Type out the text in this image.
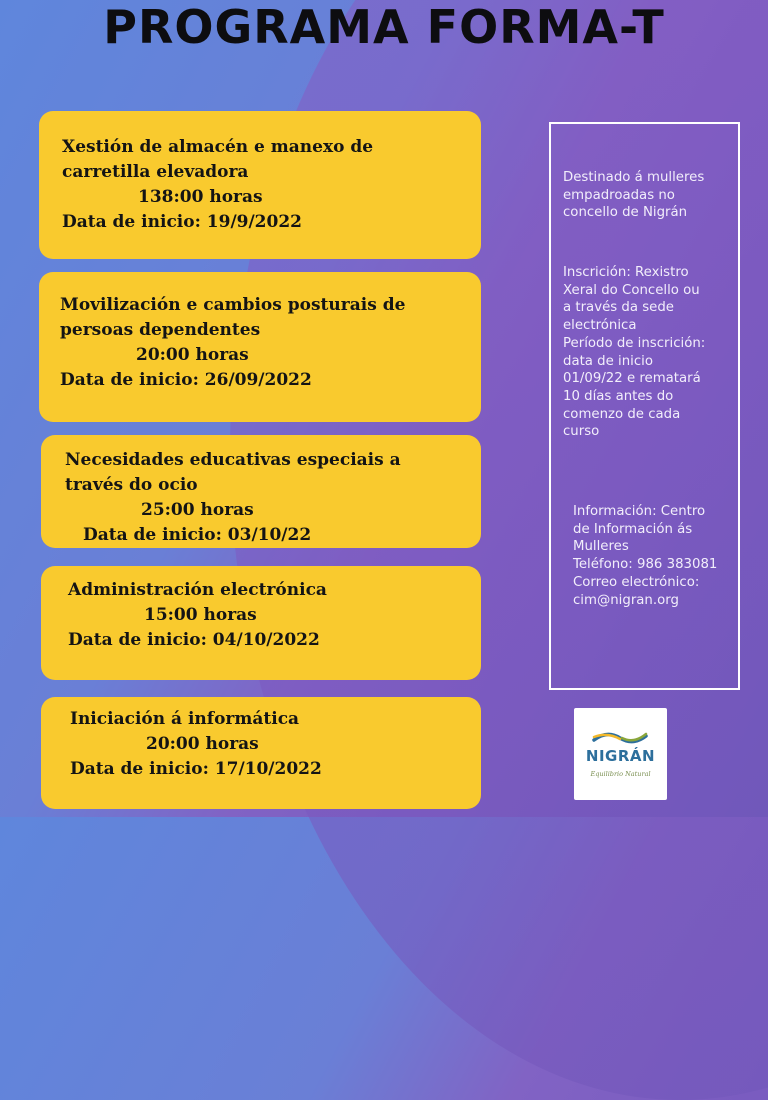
PROGRAMA FORMA-T
Xestión de almacén e manexo de
carretilla elevadora
138:00 horas
Data de inicio: 19/9/2022
Movilización e cambios posturais de
persoas dependentes
20:00 horas
Data de inicio: 26/09/2022
Necesidades educativas especiais a
través do ocio
25:00 horas
Data de inicio: 03/10/22
Administración electrónica
15:00 horas
Data de inicio: 04/10/2022
Iniciación á informática
20:00 horas
Data de inicio: 17/10/2022
Destinado á mulleres
empadroadas no
concello de Nigrán
Inscrición: Rexistro
Xeral do Concello ou
a través da sede
electrónica
Período de inscrición:
data de inicio
01/09/22 e rematará
10 días antes do
comenzo de cada
curso
Información: Centro
de Información ás
Mulleres
Teléfono: 986 383081
Correo electrónico:
cim@nigran.org
NIGRÁN
Equilibrio Natural
